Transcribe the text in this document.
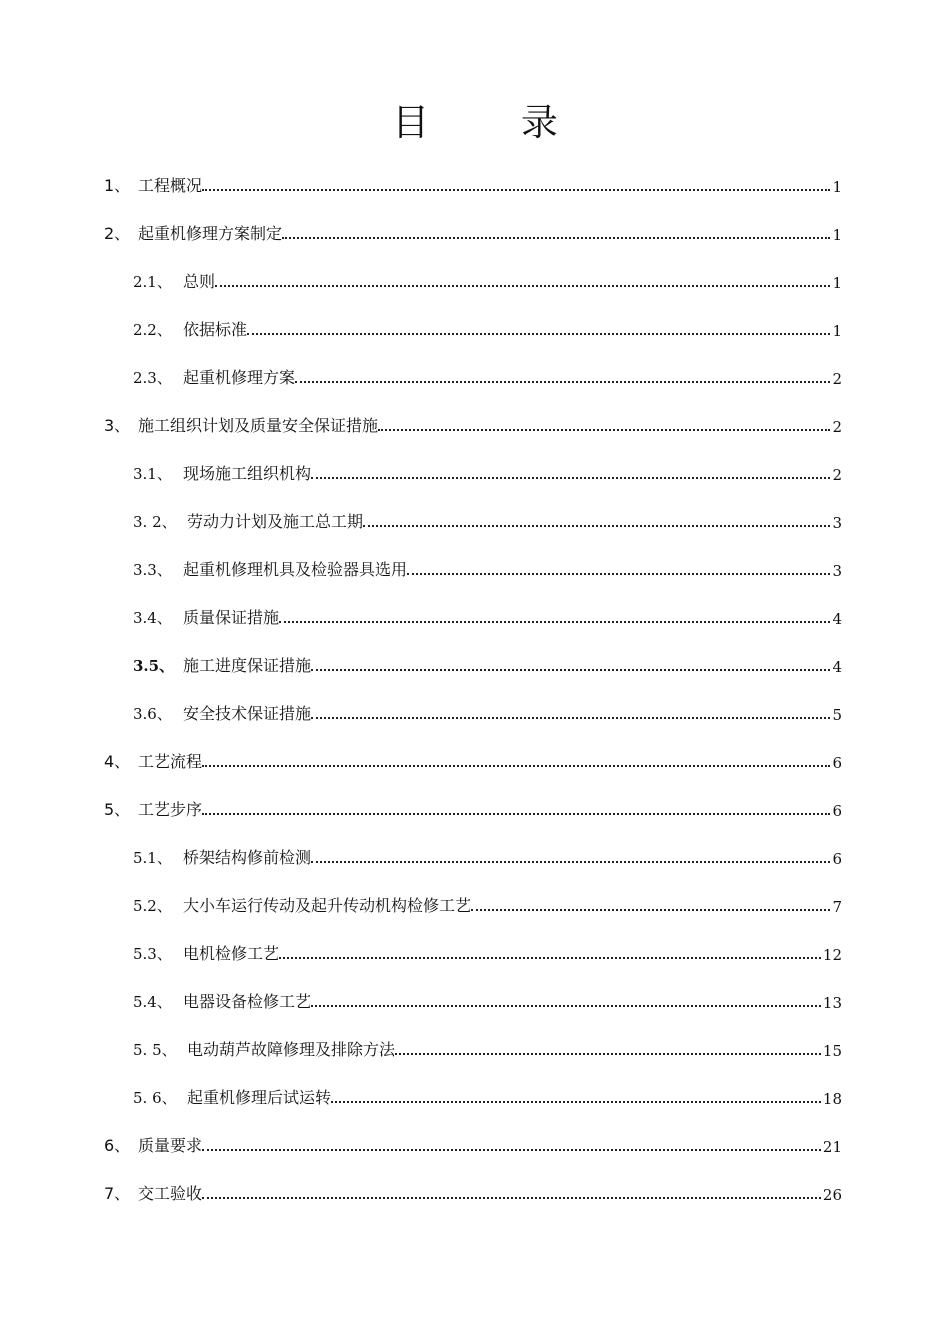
目 录
1、 工程概况	1
2、 起重机修理方案制定	1
2.1、 总则	1
2.2、 依据标准	1
2.3、 起重机修理方案	2
3、 施工组织计划及质量安全保证措施	2
3.1、 现场施工组织机构	2
3. 2、 劳动力计划及施工总工期	3
3.3、 起重机修理机具及检验器具选用	3
3.4、 质量保证措施	4
3.5、 施工进度保证措施	4
3.6、 安全技术保证措施	5
4、 工艺流程	6
5、 工艺步序	6
5.1、 桥架结构修前检测	6
5.2、 大小车运行传动及起升传动机构检修工艺	7
5.3、 电机检修工艺	12
5.4、 电器设备检修工艺	13
5. 5、 电动葫芦故障修理及排除方法	15
5. 6、 起重机修理后试运转	18
6、 质量要求	21
7、 交工验收	26
